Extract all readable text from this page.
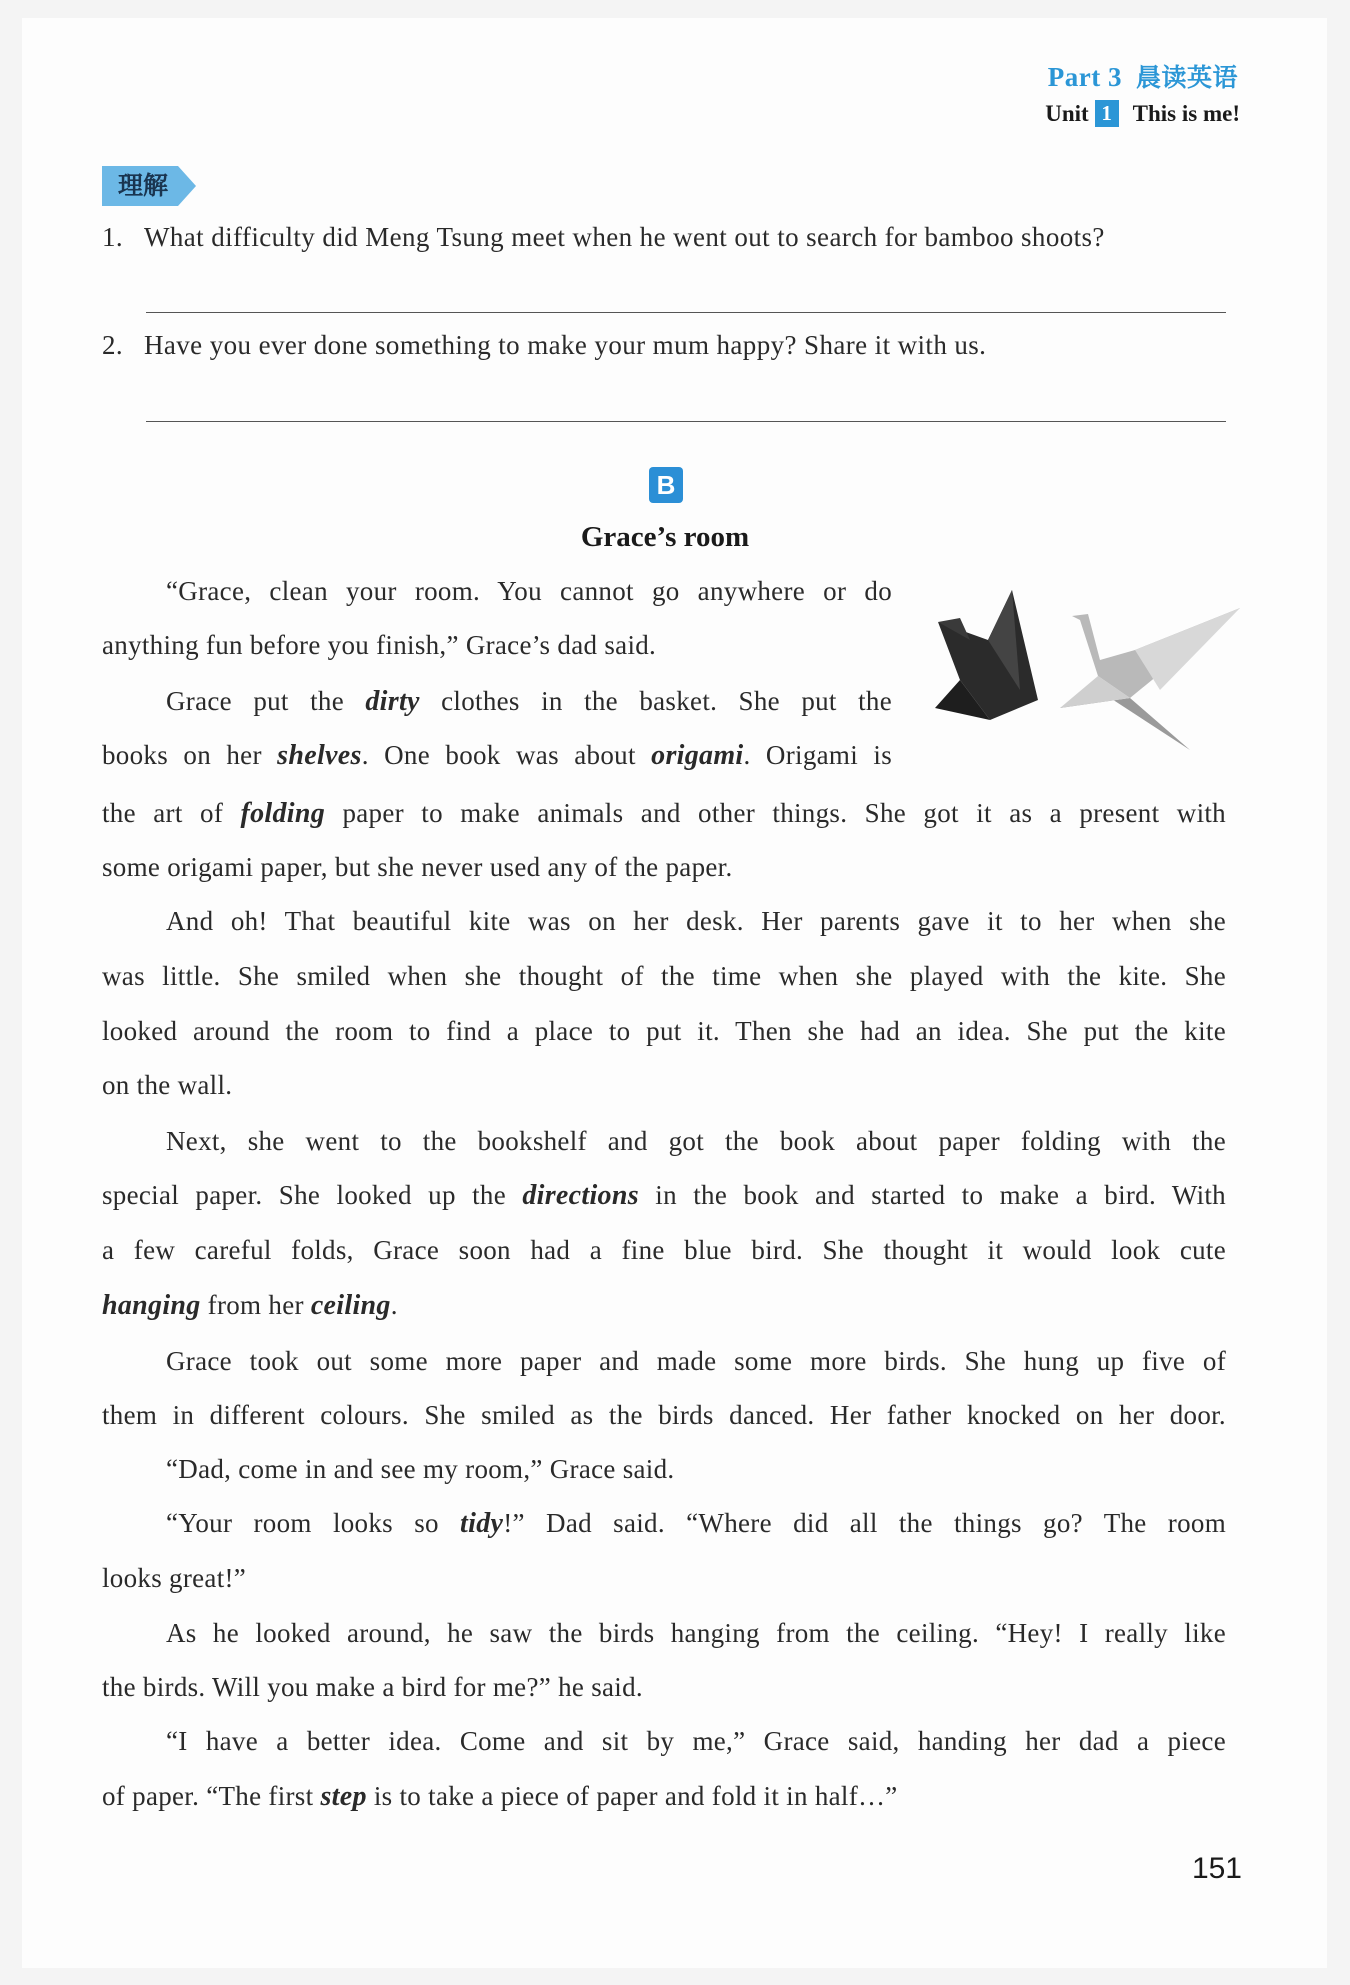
Part 3 晨读英语
Unit 1 This is me!
理解
1. What difficulty did Meng Tsung meet when he went out to search for bamboo shoots?
2. Have you ever done something to make your mum happy? Share it with us.
B
Grace’s room
“Grace, clean your room. You cannot go anywhere or do
anything fun before you finish,” Grace’s dad said.
Grace put the dirty clothes in the basket. She put the
books on her shelves. One book was about origami. Origami is
the art of folding paper to make animals and other things. She got it as a present with
some origami paper, but she never used any of the paper.
And oh! That beautiful kite was on her desk. Her parents gave it to her when she
was little. She smiled when she thought of the time when she played with the kite. She
looked around the room to find a place to put it. Then she had an idea. She put the kite
on the wall.
Next, she went to the bookshelf and got the book about paper folding with the
special paper. She looked up the directions in the book and started to make a bird. With
a few careful folds, Grace soon had a fine blue bird. She thought it would look cute
hanging from her ceiling.
Grace took out some more paper and made some more birds. She hung up five of
them in different colours. She smiled as the birds danced. Her father knocked on her door.
“Dad, come in and see my room,” Grace said.
“Your room looks so tidy!” Dad said. “Where did all the things go? The room
looks great!”
As he looked around, he saw the birds hanging from the ceiling. “Hey! I really like
the birds. Will you make a bird for me?” he said.
“I have a better idea. Come and sit by me,” Grace said, handing her dad a piece
of paper. “The first step is to take a piece of paper and fold it in half…”
151
